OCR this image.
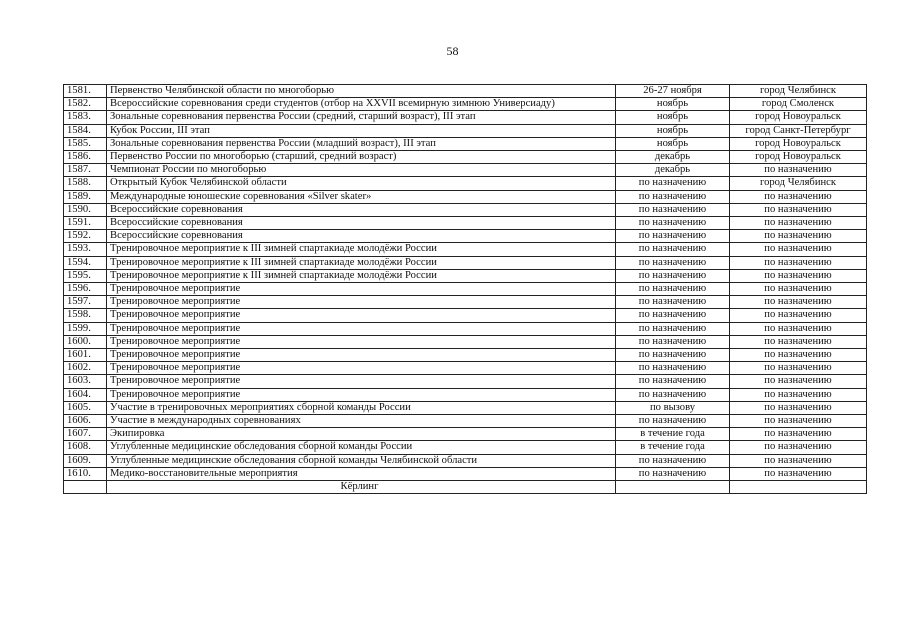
58
1581.	Первенство Челябинской области по многоборью	26-27 ноября	город Челябинск
1582.	Всероссийские соревнования среди студентов (отбор на XXVII всемирную зимнюю Универсиаду)	ноябрь	город Смоленск
1583.	Зональные соревнования первенства России (средний, старший возраст), III этап	ноябрь	город Новоуральск
1584.	Кубок России, III этап	ноябрь	город Санкт-Петербург
1585.	Зональные соревнования первенства России (младший возраст), III этап	ноябрь	город Новоуральск
1586.	Первенство России по многоборью (старший, средний возраст)	декабрь	город Новоуральск
1587.	Чемпионат России по многоборью	декабрь	по назначению
1588.	Открытый Кубок Челябинской области	по назначению	город Челябинск
1589.	Международные юношеские соревнования «Silver skater»	по назначению	по назначению
1590.	Всероссийские соревнования	по назначению	по назначению
1591.	Всероссийские соревнования	по назначению	по назначению
1592.	Всероссийские соревнования	по назначению	по назначению
1593.	Тренировочное мероприятие к III зимней спартакиаде молодёжи России	по назначению	по назначению
1594.	Тренировочное мероприятие к III зимней спартакиаде молодёжи России	по назначению	по назначению
1595.	Тренировочное мероприятие к III зимней спартакиаде молодёжи России	по назначению	по назначению
1596.	Тренировочное мероприятие	по назначению	по назначению
1597.	Тренировочное мероприятие	по назначению	по назначению
1598.	Тренировочное мероприятие	по назначению	по назначению
1599.	Тренировочное мероприятие	по назначению	по назначению
1600.	Тренировочное мероприятие	по назначению	по назначению
1601.	Тренировочное мероприятие	по назначению	по назначению
1602.	Тренировочное мероприятие	по назначению	по назначению
1603.	Тренировочное мероприятие	по назначению	по назначению
1604.	Тренировочное мероприятие	по назначению	по назначению
1605.	Участие в тренировочных мероприятиях сборной команды России	по вызову	по назначению
1606.	Участие в международных соревнованиях	по назначению	по назначению
1607.	Экипировка	в течение года	по назначению
1608.	Углубленные медицинские обследования сборной команды России	в течение года	по назначению
1609.	Углубленные медицинские обследования сборной команды Челябинской области	по назначению	по назначению
1610.	Медико-восстановительные мероприятия	по назначению	по назначению
	Кёрлинг		
